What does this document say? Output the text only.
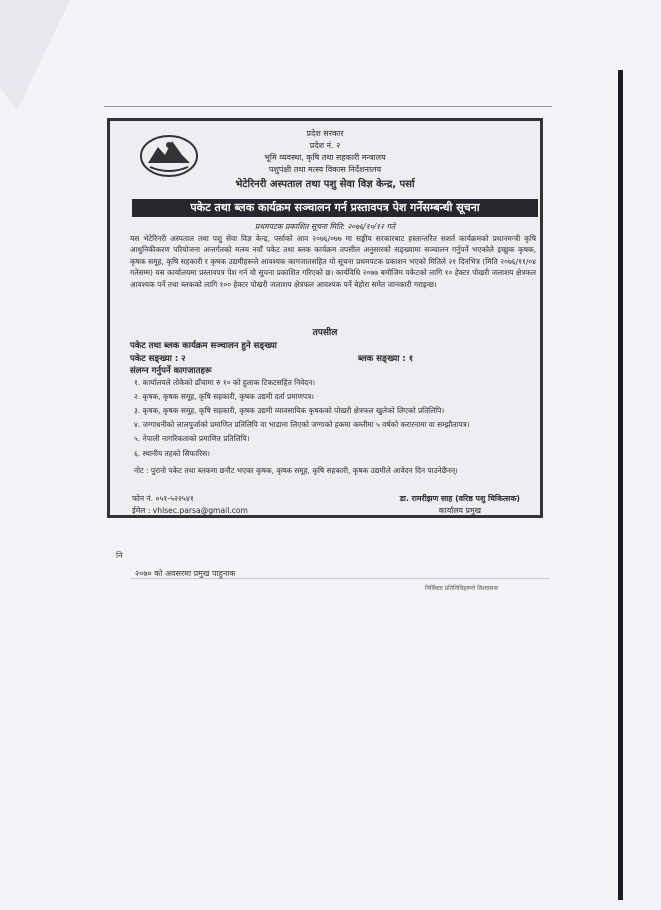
नि
प्रदेश सरकार
प्रदेश नं. २
भूमि व्यवस्था, कृषि तथा सहकारी मन्त्रालय
पशुपंक्षी तथा मत्स्य विकास निर्देशनालय
भेटेरिनरी अस्पताल तथा पशु सेवा विज्ञ केन्द्र, पर्सा
पकेट तथा ब्लक कार्यक्रम सञ्चालन गर्न प्रस्तावपत्र पेश गर्नेसम्बन्धी सूचना
प्रथमपटक प्रकाशित सूचना मिति: २०७६/१०/१२ गते
यस भेटेरिनरी अस्पताल तथा पशु सेवा विज्ञ केन्द्र, पर्साको आव २०७६/०७७ मा सङ्घीय सरकारबाट हस्तान्तरित सशर्त कार्यक्रमको प्रधानमन्त्री कृषि आधुनिकीकरण परियोजना अन्तर्गतको मत्स्य नयाँ पकेट तथा ब्लक कार्यक्रम तपसील अनुसारको सङ्ख्यामा सञ्चालन गर्नुपर्ने भएकोले इच्छुक कृषक, कृषक समूह, कृषि सहकारी र कृषक उद्यमीहरूले आवश्यक कागजातसहित यो सूचना प्रथमपटक प्रकाशन भएको मितिले २१ दिनभित्र (मिति २०७६/११/०४ गतेसम्म) यस कार्यालयमा प्रस्तावपत्र पेश गर्न यो सूचना प्रकाशित गरिएको छ। कार्यविधि २०७७ बमोजिम पकेटको लागि १० हेक्टर पोखरी जलाशय क्षेत्रफल आवश्यक पर्ने तथा ब्लकको लागि १०० हेक्टर पोखरी जलाशय क्षेत्रफल आवश्यक पर्ने बेहोरा समेत जानकारी गराइन्छ।
तपसील
पकेट तथा ब्लक कार्यक्रम सञ्चालन हुने सङ्ख्या
पकेट सङ्ख्या : २	ब्लक सङ्ख्या : १
संलग्न गर्नुपर्ने कागजातहरू
१. कार्यालयले तोकेको ढाँचामा रु १० को हुलाक टिकटसहित निवेदन।
२. कृषक, कृषक समूह, कृषि सहकारी, कृषक उद्यमी दर्ता प्रमाणपत्र।
३. कृषक, कृषक समूह, कृषि सहकारी, कृषक उद्यमी व्यावसायिक कृषकको पोखरी क्षेत्रफल खुलेको लिएको प्रतिलिपि।
४. जग्गाधनीको लालपुर्जाको प्रमाणित प्रतिलिपि वा भाडामा लिएको जग्गाको हकमा कम्तीमा ५ वर्षको करारनामा वा सम्झौतापत्र।
५. नेपाली नागरिकताको प्रमाणित प्रतिलिपि।
६. स्थानीय तहको सिफारिस।
नोट : पुरानो पकेट तथा ब्लकमा छनौट भएका कृषक, कृषक समूह, कृषि सहकारी, कृषक उद्यमीले आवेदन दिन पाउनेछैनन्।
फोन नं. ०५१-५२२५४१
ईमेल : vhlsec.parsa@gmail.com
डा. रामरीझण साह (वरिष्ठ पशु चिकित्सक)
कार्यालय प्रमुख
२०७० को अवसरमा प्रमुख पाहुनाक
निर्विवाद प्रतिनिधिहरूले विश्वासक
